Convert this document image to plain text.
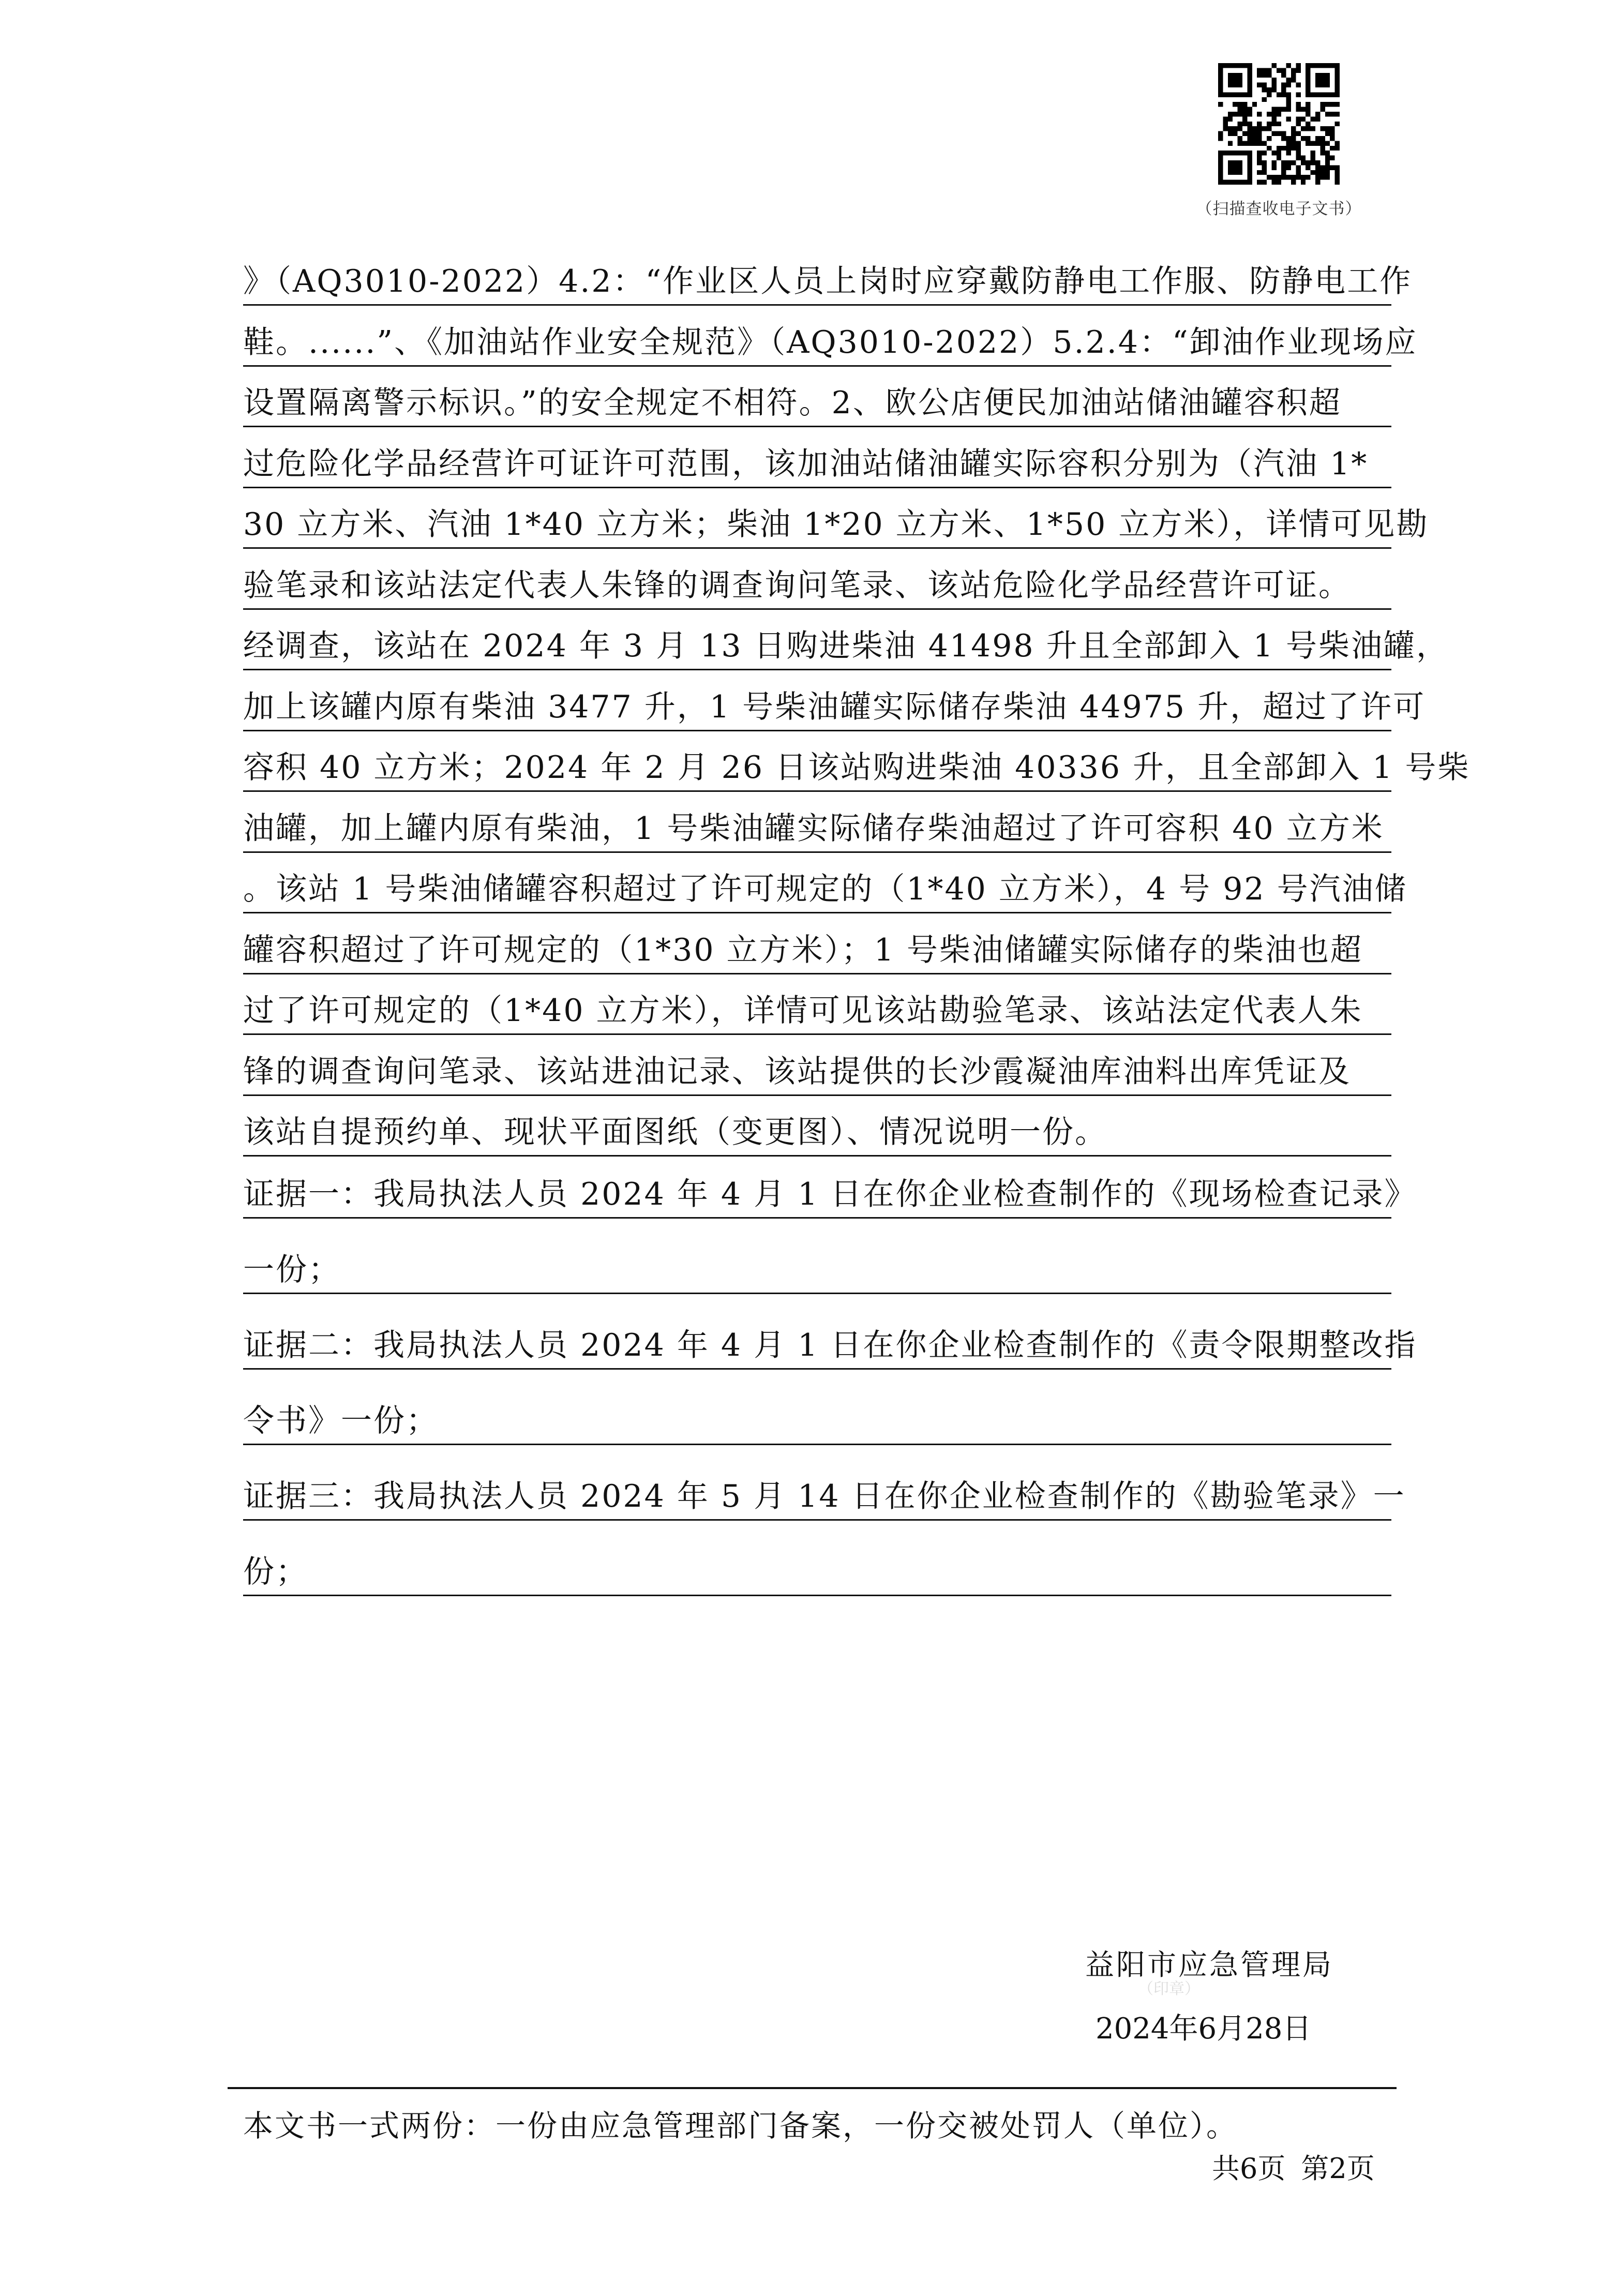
（扫描查收电子文书）
》（AQ3010-2022）4.2：“作业区人员上岗时应穿戴防静电工作服、防静电工作
鞋。......”、《加油站作业安全规范》（AQ3010-2022）5.2.4：“卸油作业现场应
设置隔离警示标识。”的安全规定不相符。2、欧公店便民加油站储油罐容积超
过危险化学品经营许可证许可范围，该加油站储油罐实际容积分别为（汽油 1*
30 立方米、汽油 1*40 立方米；柴油 1*20 立方米、1*50 立方米），详情可见勘
验笔录和该站法定代表人朱锋的调查询问笔录、该站危险化学品经营许可证。
经调查，该站在 2024 年 3 月 13 日购进柴油 41498 升且全部卸入 1 号柴油罐，
加上该罐内原有柴油 3477 升，1 号柴油罐实际储存柴油 44975 升，超过了许可
容积 40 立方米；2024 年 2 月 26 日该站购进柴油 40336 升，且全部卸入 1 号柴
油罐，加上罐内原有柴油，1 号柴油罐实际储存柴油超过了许可容积 40 立方米
。该站 1 号柴油储罐容积超过了许可规定的（1*40 立方米），4 号 92 号汽油储
罐容积超过了许可规定的（1*30 立方米）；1 号柴油储罐实际储存的柴油也超
过了许可规定的（1*40 立方米），详情可见该站勘验笔录、该站法定代表人朱
锋的调查询问笔录、该站进油记录、该站提供的长沙霞凝油库油料出库凭证及
该站自提预约单、现状平面图纸（变更图）、情况说明一份。
证据一：我局执法人员 2024 年 4 月 1 日在你企业检查制作的《现场检查记录》
一份；
证据二：我局执法人员 2024 年 4 月 1 日在你企业检查制作的《责令限期整改指
令书》一份；
证据三：我局执法人员 2024 年 5 月 14 日在你企业检查制作的《勘验笔录》一
份；
益阳市应急管理局
（印章）
2024年6月28日
本文书一式两份：一份由应急管理部门备案，一份交被处罚人（单位）。
共6页 第2页
